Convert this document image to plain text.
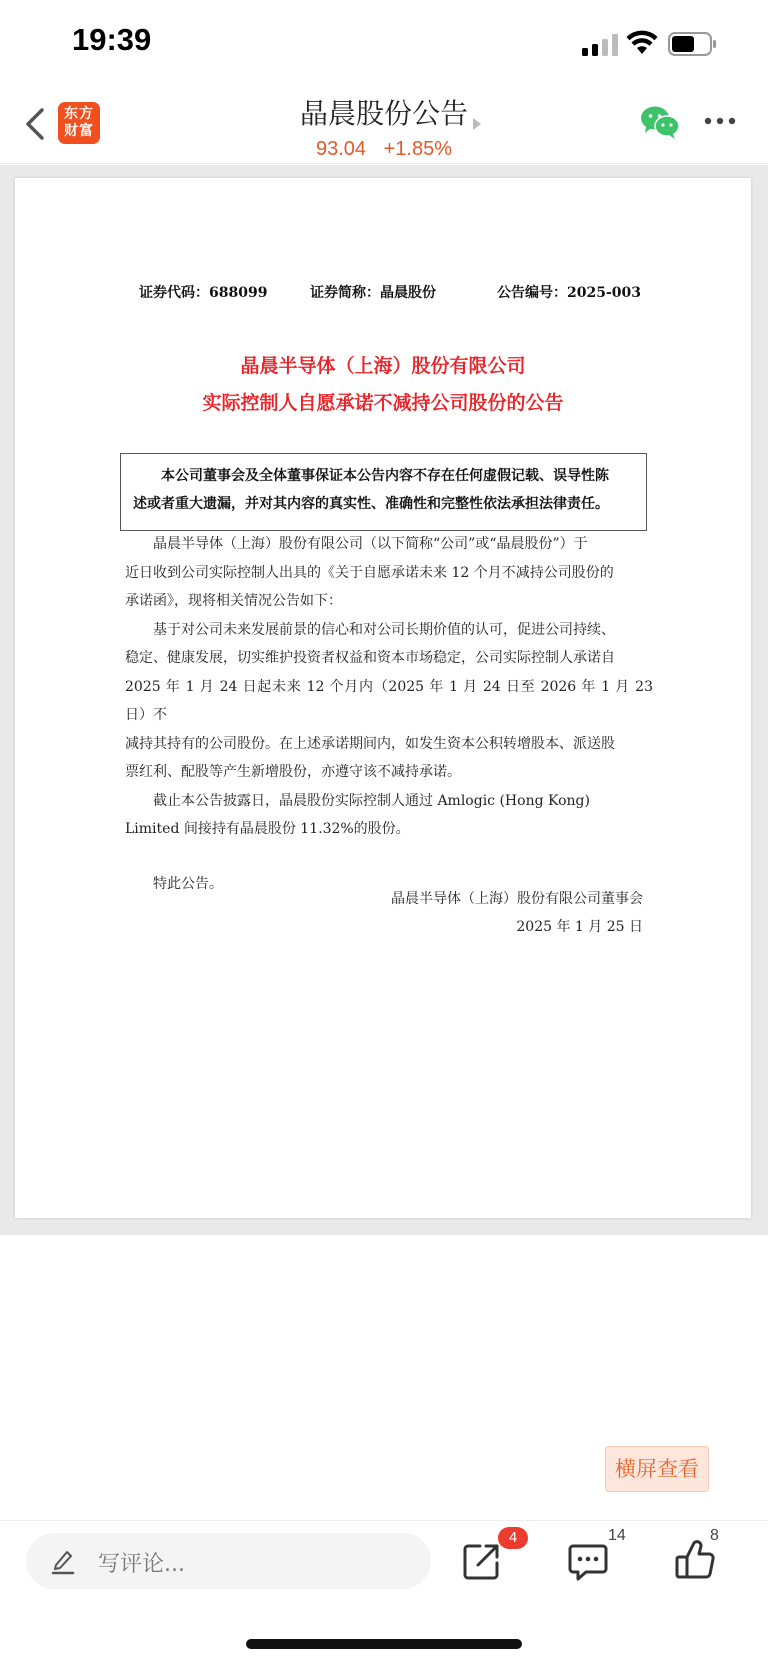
19:39
东方
财富
晶晨股份公告
93.04 +1.85%
证券代码：688099	证券简称：晶晨股份	公告编号：2025-003
晶晨半导体（上海）股份有限公司
实际控制人自愿承诺不减持公司股份的公告
本公司董事会及全体董事保证本公告内容不存在任何虚假记载、误导性陈
述或者重大遗漏，并对其内容的真实性、准确性和完整性依法承担法律责任。
晶晨半导体（上海）股份有限公司（以下简称“公司”或“晶晨股份”）于
近日收到公司实际控制人出具的《关于自愿承诺未来 12 个月不减持公司股份的
承诺函》，现将相关情况公告如下：
基于对公司未来发展前景的信心和对公司长期价值的认可，促进公司持续、
稳定、健康发展，切实维护投资者权益和资本市场稳定，公司实际控制人承诺自
2025 年 1 月 24 日起未来 12 个月内（2025 年 1 月 24 日至 2026 年 1 月 23 日）不
减持其持有的公司股份。在上述承诺期间内，如发生资本公积转增股本、派送股
票红利、配股等产生新增股份，亦遵守该不减持承诺。
截止本公告披露日，晶晨股份实际控制人通过 Amlogic (Hong Kong)
Limited 间接持有晶晨股份 11.32%的股份。
特此公告。
晶晨半导体（上海）股份有限公司董事会
2025 年 1 月 25 日
横屏查看
写评论...
4	14	8
